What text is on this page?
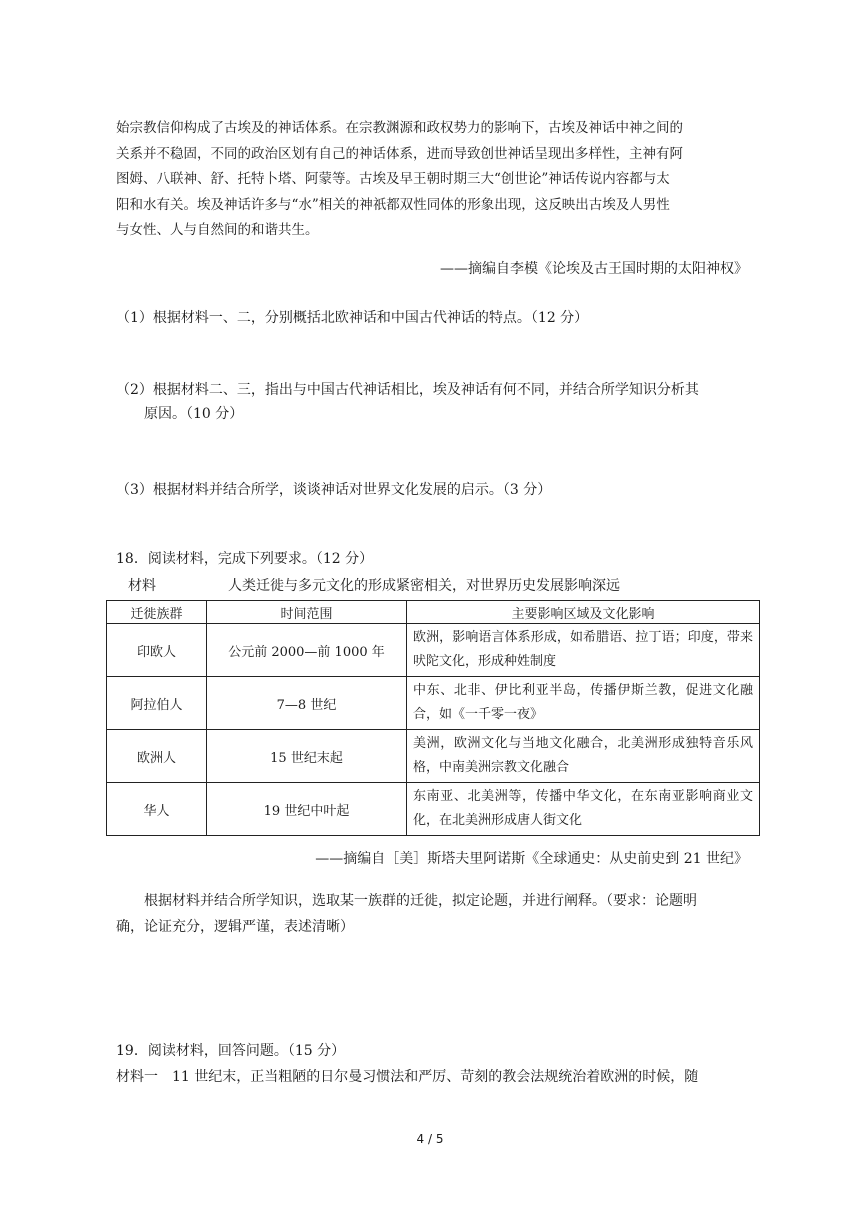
始宗教信仰构成了古埃及的神话体系。在宗教渊源和政权势力的影响下，古埃及神话中神之间的
关系并不稳固，不同的政治区划有自己的神话体系，进而导致创世神话呈现出多样性，主神有阿
图姆、八联神、舒、托特卜塔、阿蒙等。古埃及早王朝时期三大“创世论”神话传说内容都与太
阳和水有关。埃及神话许多与“水”相关的神祇都双性同体的形象出现，这反映出古埃及人男性
与女性、人与自然间的和谐共生。
——摘编自李模《论埃及古王国时期的太阳神权》
（1）根据材料一、二，分别概括北欧神话和中国古代神话的特点。（12 分）
（2）根据材料二、三，指出与中国古代神话相比，埃及神话有何不同，并结合所学知识分析其
原因。（10 分）
（3）根据材料并结合所学，谈谈神话对世界文化发展的启示。（3 分）
18．阅读材料，完成下列要求。（12 分）
材料	人类迁徙与多元文化的形成紧密相关，对世界历史发展影响深远
迁徙族群	时间范围	主要影响区域及文化影响
印欧人	公元前 2000—前 1000 年	欧洲，影响语言体系形成，如希腊语、拉丁语；印度，带来吠陀文化，形成种姓制度
阿拉伯人	7—8 世纪	中东、北非、伊比利亚半岛，传播伊斯兰教，促进文化融合，如《一千零一夜》
欧洲人	15 世纪末起	美洲，欧洲文化与当地文化融合，北美洲形成独特音乐风格，中南美洲宗教文化融合
华人	19 世纪中叶起	东南亚、北美洲等，传播中华文化，在东南亚影响商业文化，在北美洲形成唐人街文化
——摘编自［美］斯塔夫里阿诺斯《全球通史：从史前史到 21 世纪》
根据材料并结合所学知识，选取某一族群的迁徙，拟定论题，并进行阐释。（要求：论题明
确，论证充分，逻辑严谨，表述清晰）
19．阅读材料，回答问题。（15 分）
材料一 11 世纪末，正当粗陋的日尔曼习惯法和严厉、苛刻的教会法规统治着欧洲的时候，随
4 / 5
